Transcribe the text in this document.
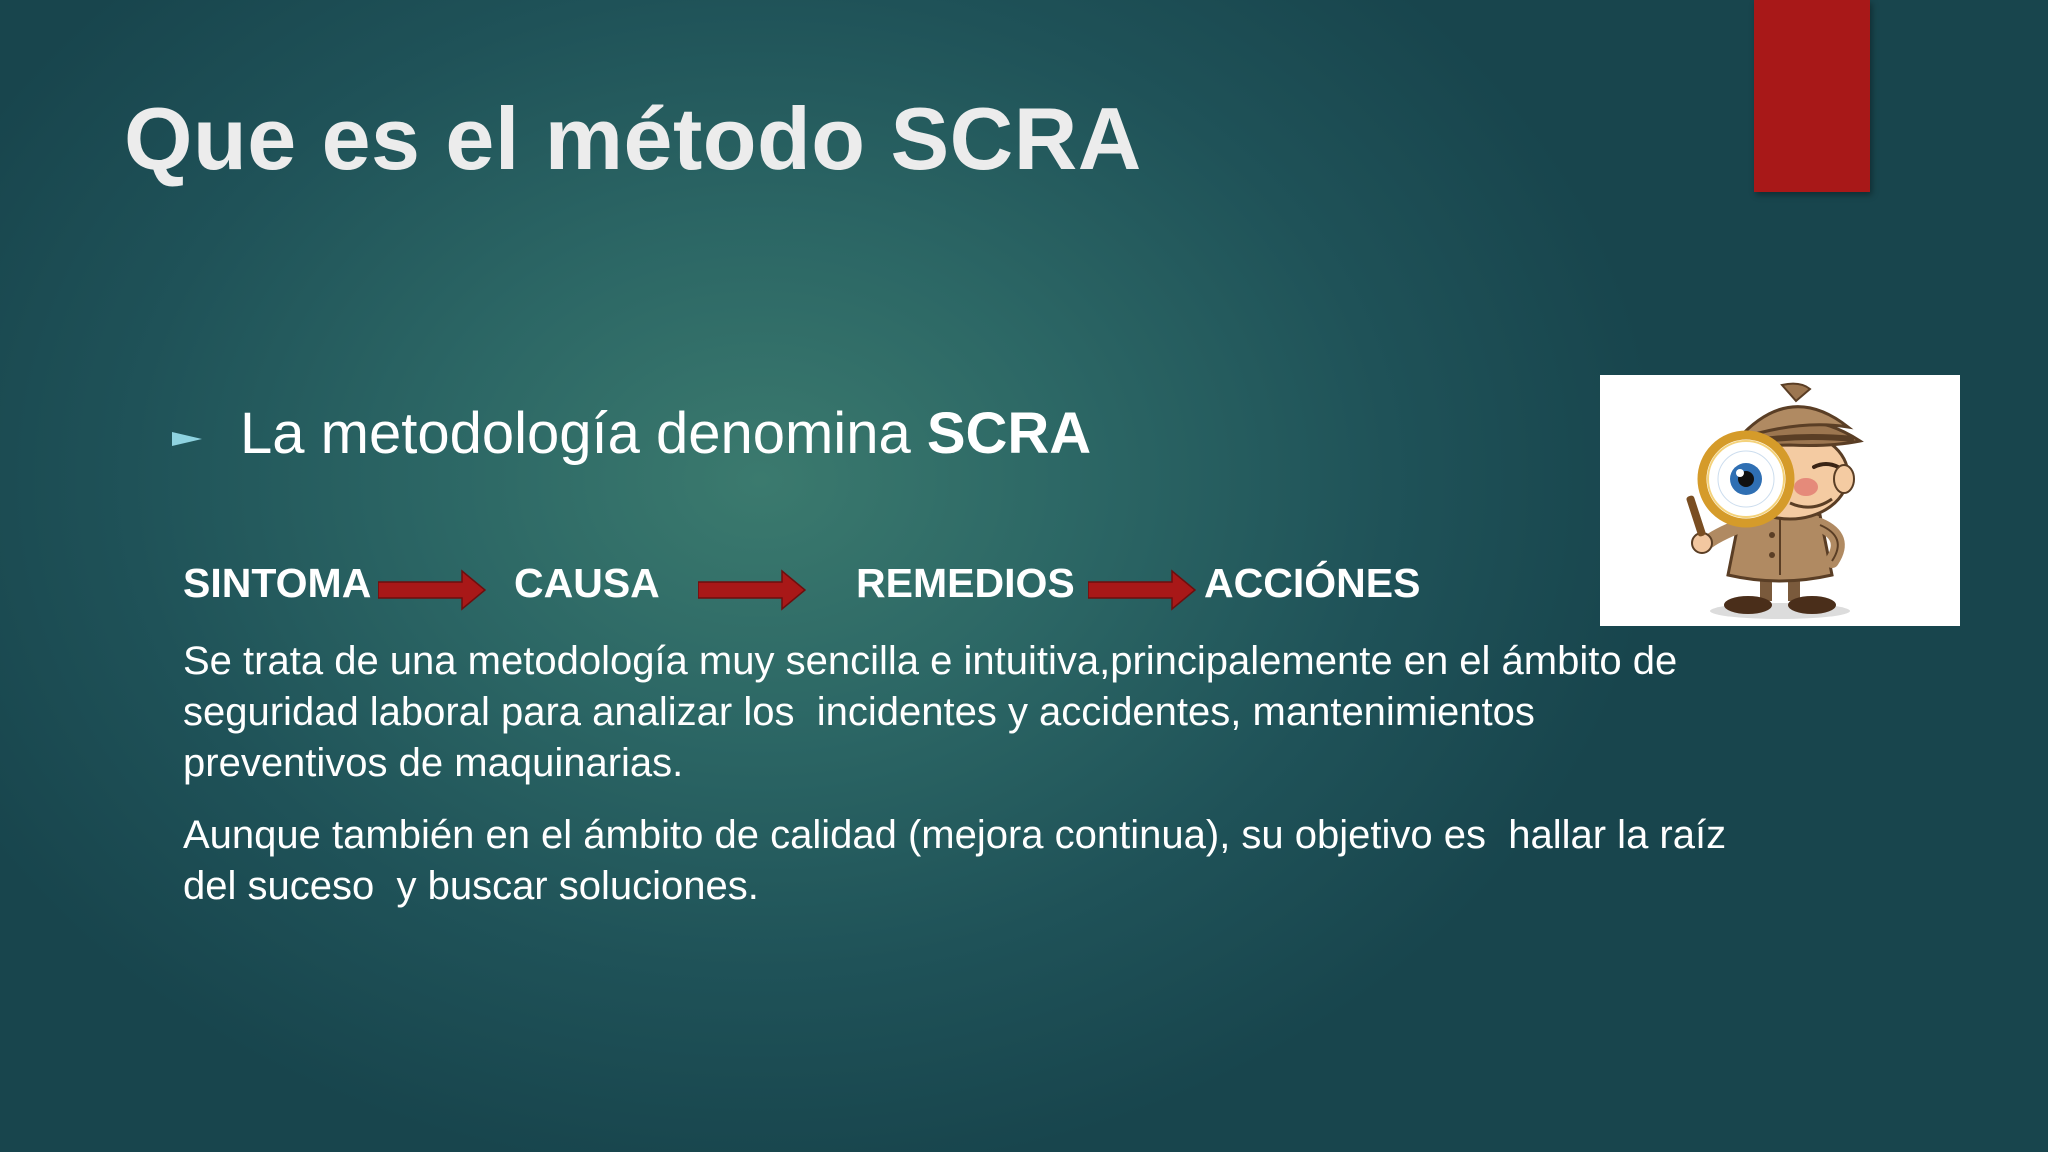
Que es el método SCRA
La metodología denomina SCRA
SINTOMA	CAUSA	REMEDIOS	ACCIÓNES

Se trata de una metodología muy sencilla e intuitiva,principalemente en el ámbito de
seguridad laboral para analizar los  incidentes y accidentes, mantenimientos
preventivos de maquinarias.

Aunque también en el ámbito de calidad (mejora continua), su objetivo es  hallar la raíz
del suceso  y buscar soluciones.
